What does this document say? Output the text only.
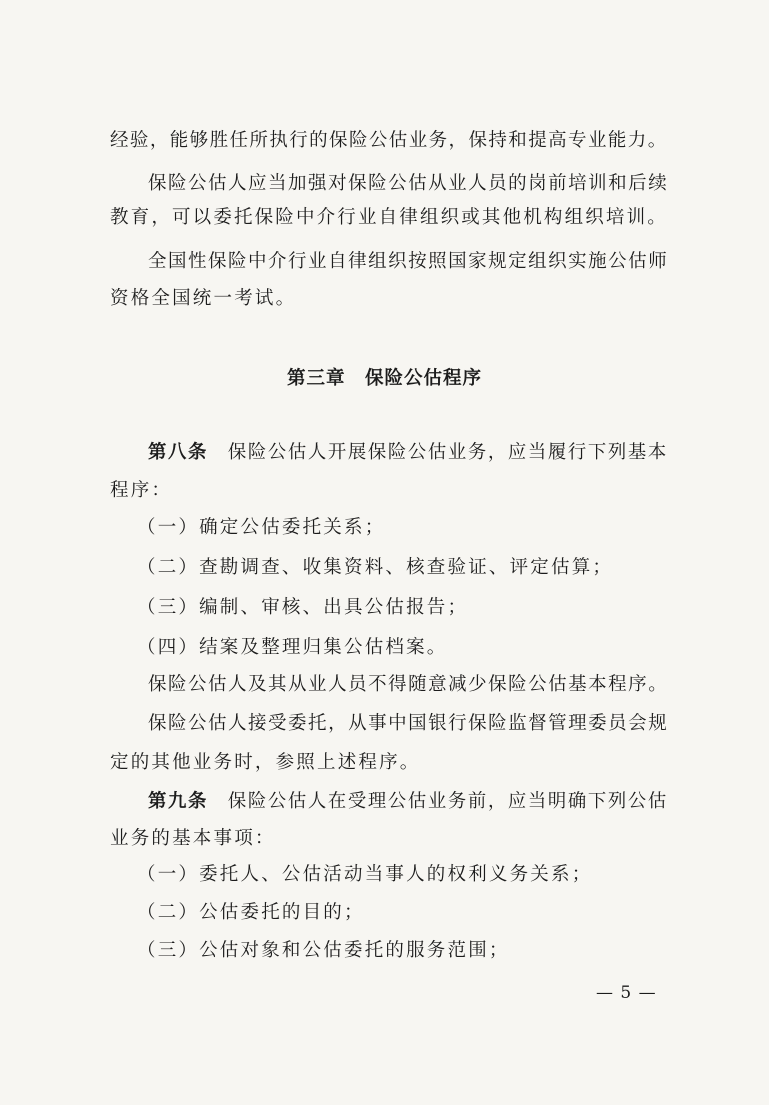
经验，能够胜任所执行的保险公估业务，保持和提高专业能力。
保险公估人应当加强对保险公估从业人员的岗前培训和后续
教育，可以委托保险中介行业自律组织或其他机构组织培训。
全国性保险中介行业自律组织按照国家规定组织实施公估师
资格全国统一考试。
第三章　保险公估程序
第八条 保险公估人开展保险公估业务，应当履行下列基本
程序：
（一）确定公估委托关系；
（二）查勘调查、收集资料、核查验证、评定估算；
（三）编制、审核、出具公估报告；
（四）结案及整理归集公估档案。
保险公估人及其从业人员不得随意减少保险公估基本程序。
保险公估人接受委托，从事中国银行保险监督管理委员会规
定的其他业务时，参照上述程序。
第九条 保险公估人在受理公估业务前，应当明确下列公估
业务的基本事项：
（一）委托人、公估活动当事人的权利义务关系；
（二）公估委托的目的；
（三）公估对象和公估委托的服务范围；
— 5 —
